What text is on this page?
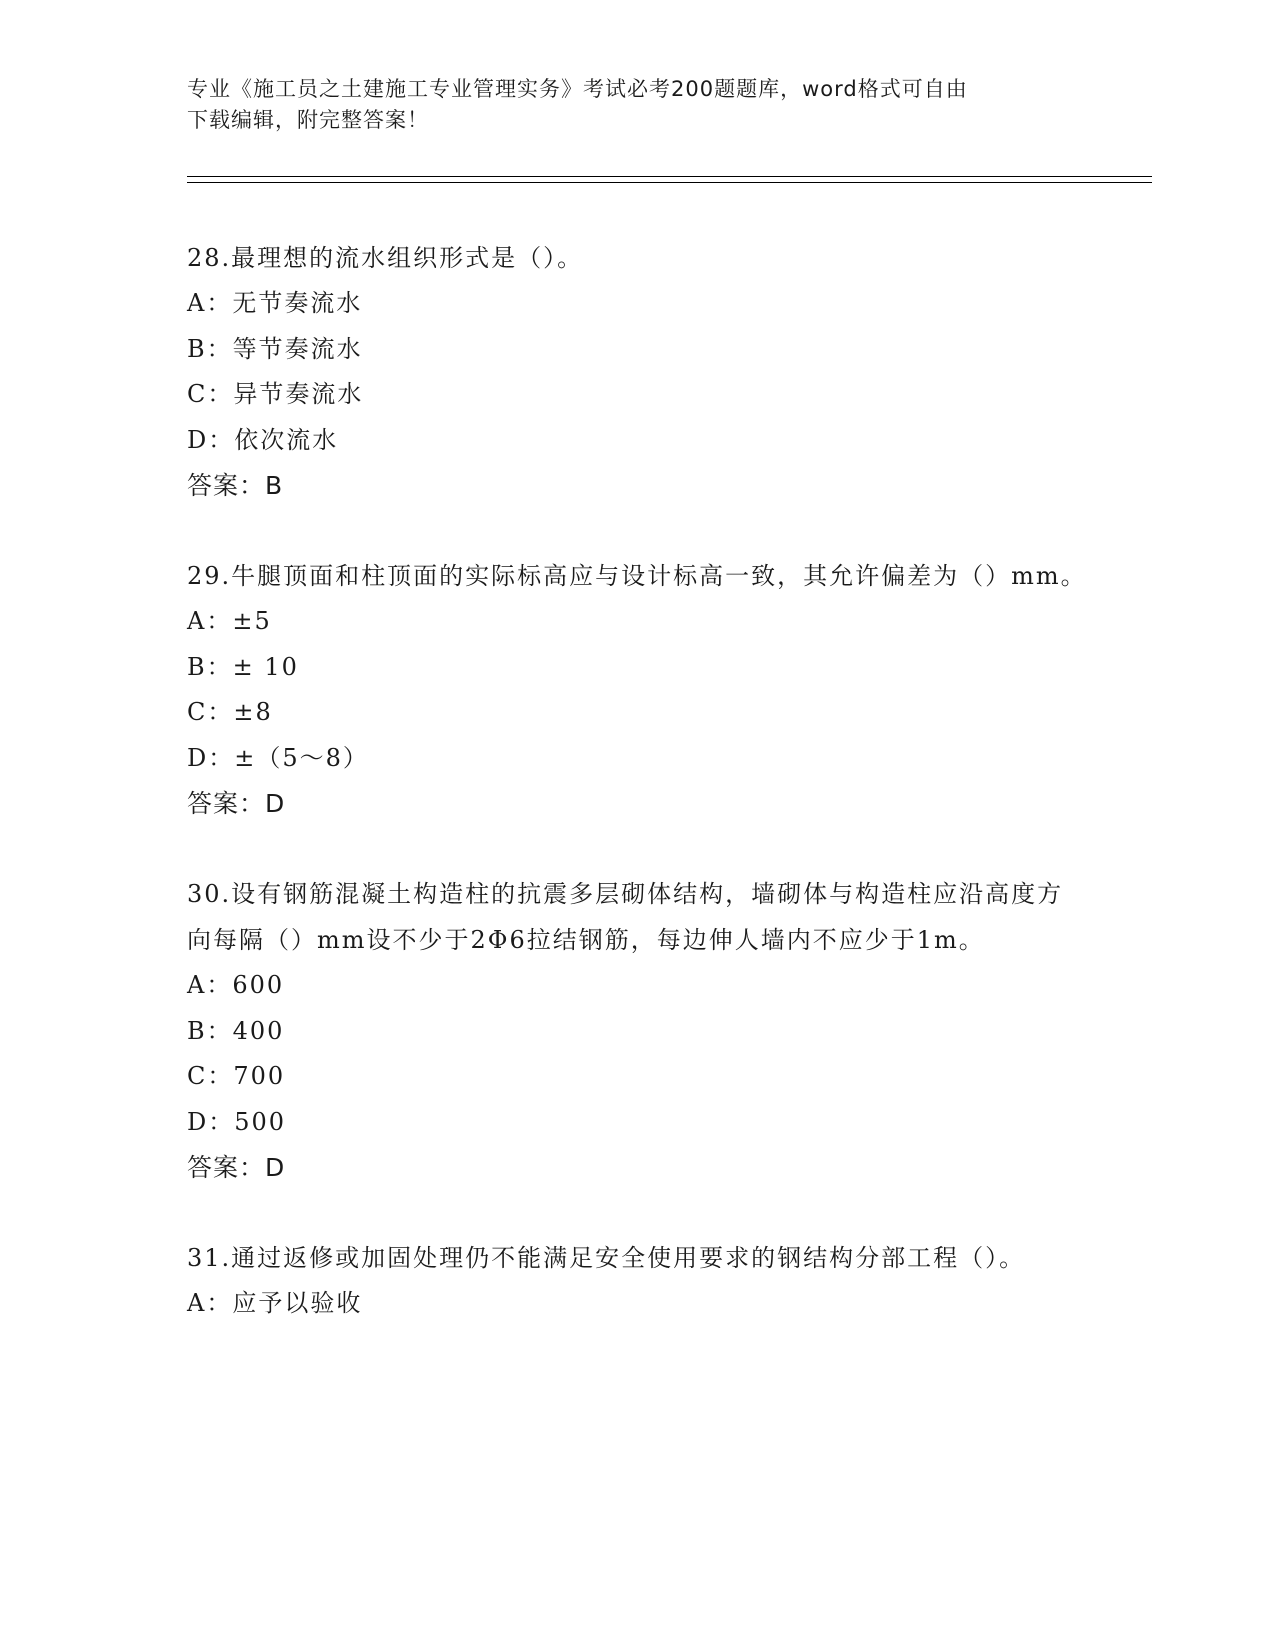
专业《施工员之土建施工专业管理实务》考试必考200题题库，word格式可自由
下载编辑，附完整答案！
28.最理想的流水组织形式是（）。
A：无节奏流水
B：等节奏流水
C：异节奏流水
D：依次流水
答案：B
29.牛腿顶面和柱顶面的实际标高应与设计标高一致，其允许偏差为（）mm。
A：±5
B：± 10
C：±8
D：±（5～8）
答案：D
30.设有钢筋混凝土构造柱的抗震多层砌体结构，墙砌体与构造柱应沿高度方向每隔（）mm设不少于2Φ6拉结钢筋，每边伸人墙内不应少于1m。
A：600
B：400
C：700
D：500
答案：D
31.通过返修或加固处理仍不能满足安全使用要求的钢结构分部工程（）。
A：应予以验收
